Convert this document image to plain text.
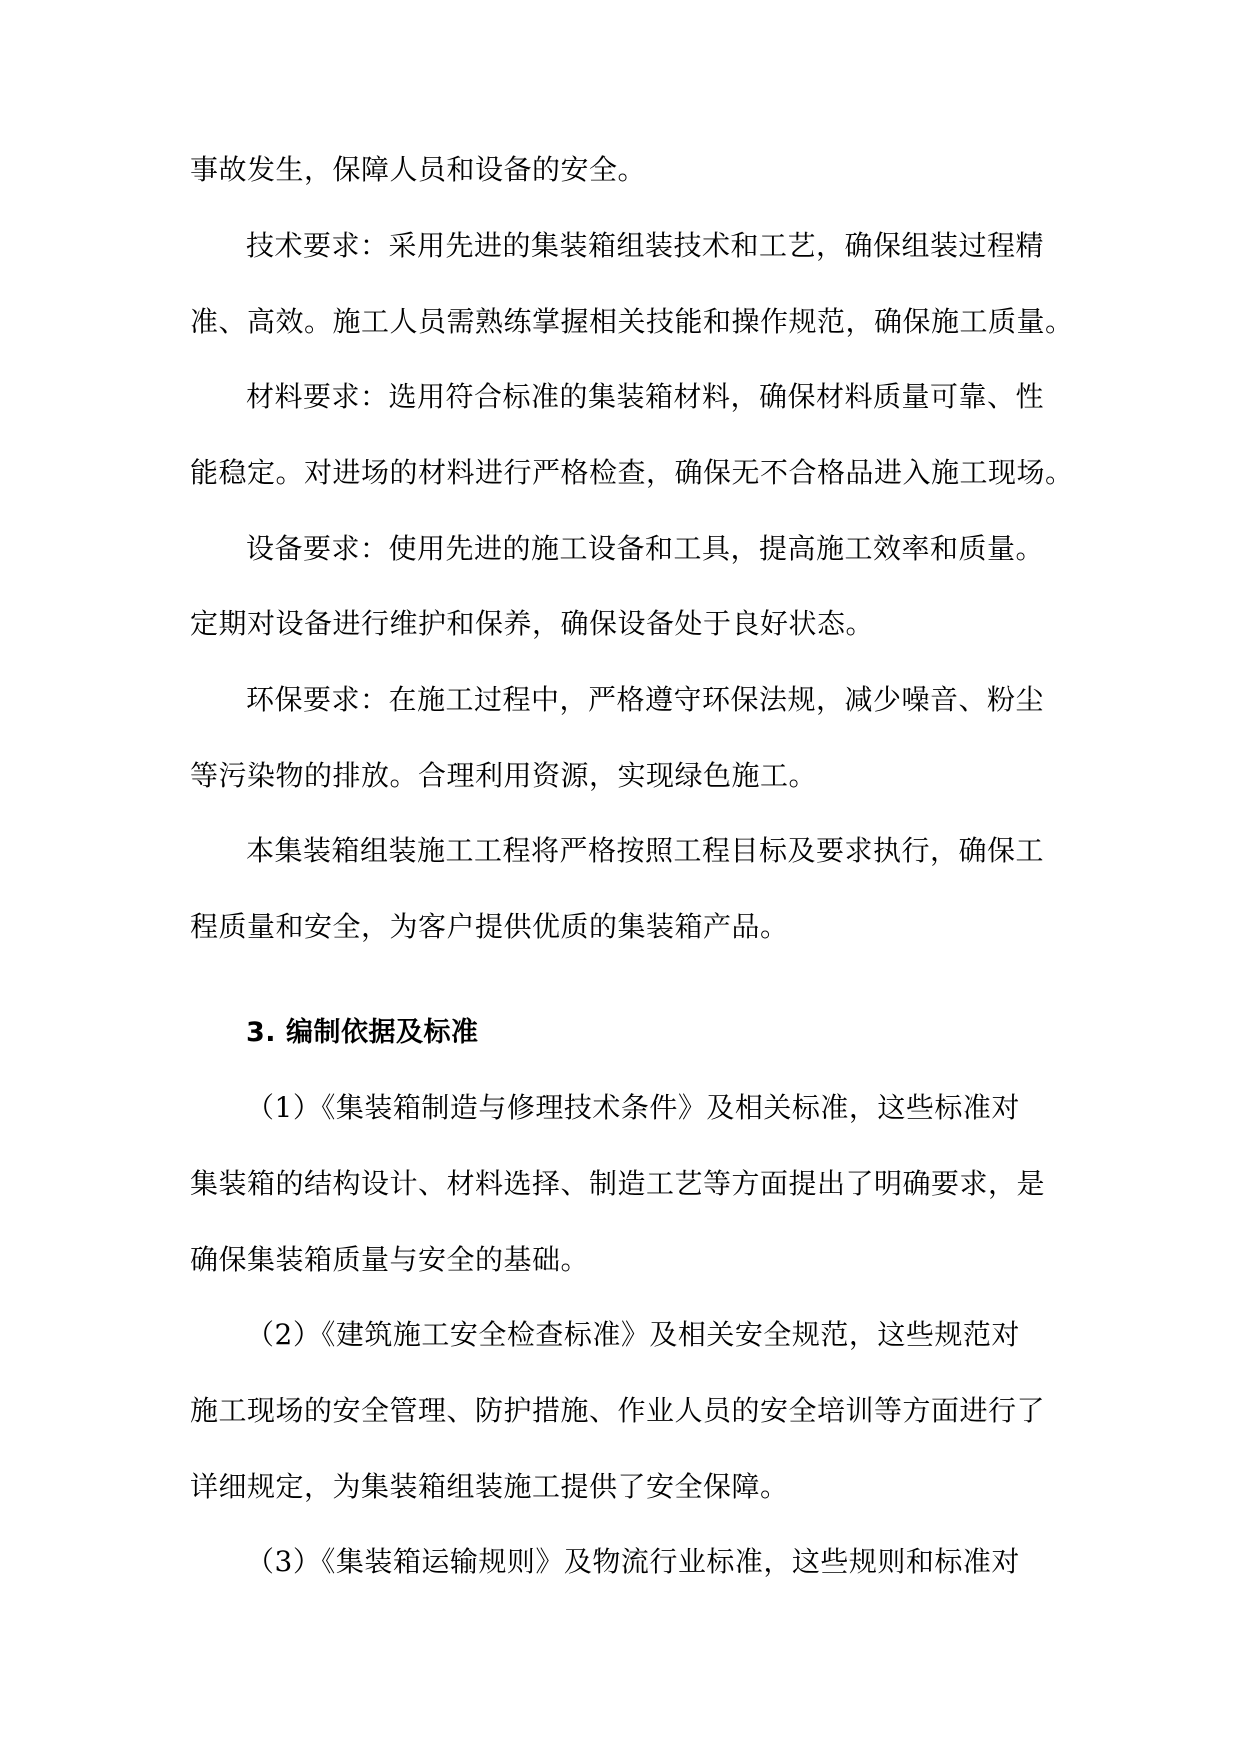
事故发生，保障人员和设备的安全。
技术要求：采用先进的集装箱组装技术和工艺，确保组装过程精
准、高效。施工人员需熟练掌握相关技能和操作规范，确保施工质量。
材料要求：选用符合标准的集装箱材料，确保材料质量可靠、性
能稳定。对进场的材料进行严格检查，确保无不合格品进入施工现场。
设备要求：使用先进的施工设备和工具，提高施工效率和质量。
定期对设备进行维护和保养，确保设备处于良好状态。
环保要求：在施工过程中，严格遵守环保法规，减少噪音、粉尘
等污染物的排放。合理利用资源，实现绿色施工。
本集装箱组装施工工程将严格按照工程目标及要求执行，确保工
程质量和安全，为客户提供优质的集装箱产品。
3. 编制依据及标准
（1）《集装箱制造与修理技术条件》及相关标准，这些标准对
集装箱的结构设计、材料选择、制造工艺等方面提出了明确要求，是
确保集装箱质量与安全的基础。
（2）《建筑施工安全检查标准》及相关安全规范，这些规范对
施工现场的安全管理、防护措施、作业人员的安全培训等方面进行了
详细规定，为集装箱组装施工提供了安全保障。
（3）《集装箱运输规则》及物流行业标准，这些规则和标准对
